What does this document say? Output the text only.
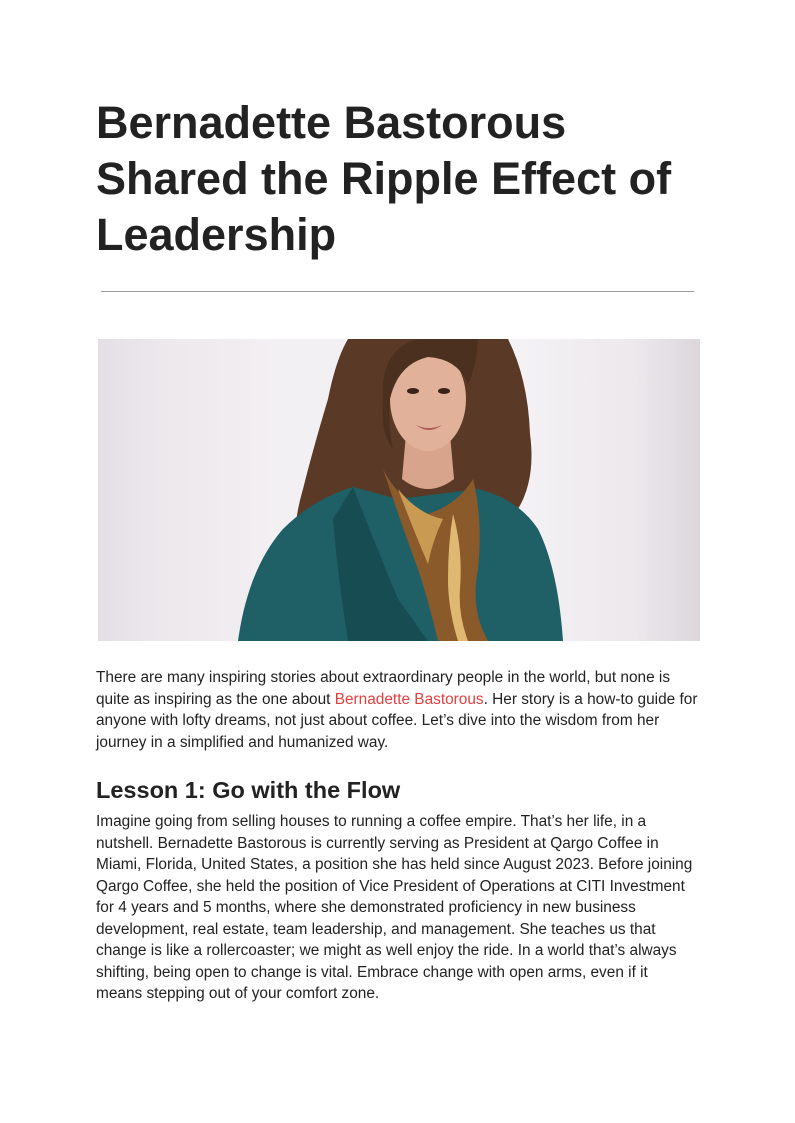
Bernadette Bastorous
Shared the Ripple Effect of
Leadership

There are many inspiring stories about extraordinary people in the world, but none is quite as inspiring as the one about Bernadette Bastorous. Her story is a how-to guide for anyone with lofty dreams, not just about coffee. Let’s dive into the wisdom from her journey in a simplified and humanized way.

Lesson 1: Go with the Flow

Imagine going from selling houses to running a coffee empire. That’s her life, in a nutshell. Bernadette Bastorous is currently serving as President at Qargo Coffee in Miami, Florida, United States, a position she has held since August 2023. Before joining Qargo Coffee, she held the position of Vice President of Operations at CITI Investment for 4 years and 5 months, where she demonstrated proficiency in new business development, real estate, team leadership, and management. She teaches us that change is like a rollercoaster; we might as well enjoy the ride. In a world that’s always shifting, being open to change is vital. Embrace change with open arms, even if it means stepping out of your comfort zone.
